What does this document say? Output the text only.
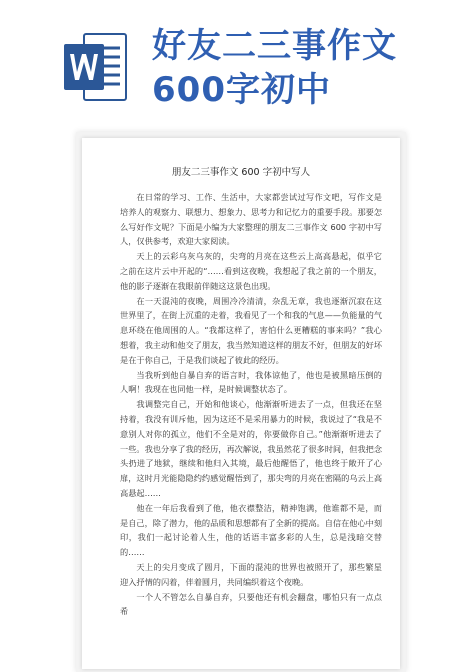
好友二三事作文600字初中
朋友二三事作文 600 字初中写人

在日常的学习、工作、生活中，大家都尝试过写作文吧，写作文是培养人的观察力、联想力、想象力、思考力和记忆力的重要手段。那要怎么写好作文呢？下面是小编为大家整理的朋友二三事作文 600 字初中写人，仅供参考，欢迎大家阅读。

天上的云彩乌灰乌灰的，尖弯的月亮在这些云上高高悬起，似乎它之前在这片云中开起的“……看到这夜晚，我想起了我之前的一个朋友，他的影子逐渐在我眼前伴随这这景色出现。

在一天混沌的夜晚，周围冷冷清清，杂乱无章，我也逐渐沉寂在这世界里了，在街上沉重的走着，我看见了一个和我的气息——负能量的气息环绕在他周围的人。“我都这样了，害怕什么更糟糕的事来吗？”我心想着，我主动和他交了朋友，我当然知道这样的朋友不好，但朋友的好坏是在于你自己，于是我们谈起了彼此的经历。

当我听到他自暴自弃的语言时，我体谅他了，他也是被黑暗压倒的人啊！我现在也同他一样，是时候调整状态了。

我调整完自己，开始和他谈心，他渐渐听进去了一点，但我还在坚持着，我没有训斥他，因为这还不是采用暴力的时候，我说过了“我是不意别人对你的孤立，他们不全是对的，你要做你自己。”他渐渐听进去了一些。我也分享了我的经历，再次解说，我虽然花了很多时间，但我把念头扔进了地狱，继续和他归入其境，最后他醒悟了，他也终于敞开了心扉，这时月光能隐隐约约感觉醒悟到了，那尖弯的月亮在密隔的乌云上高高悬起……

他在一年后我看到了他，他衣襟整洁，精神饱满，他谁都不是，而是自己，除了潜力，他的品质和思想都有了全新的提高。自信在他心中刻印，我们一起讨论着人生，他的话语丰富多彩的人生，总是浅暗交替的……

天上的尖月变成了圆月，下面的混沌的世界也被照开了，那些繁星迎入抒情的闪着，伴着圆月，共同编织着这个夜晚。

一个人不管怎么自暴自弃，只要他还有机会翻盘，哪怕只有一点点希
